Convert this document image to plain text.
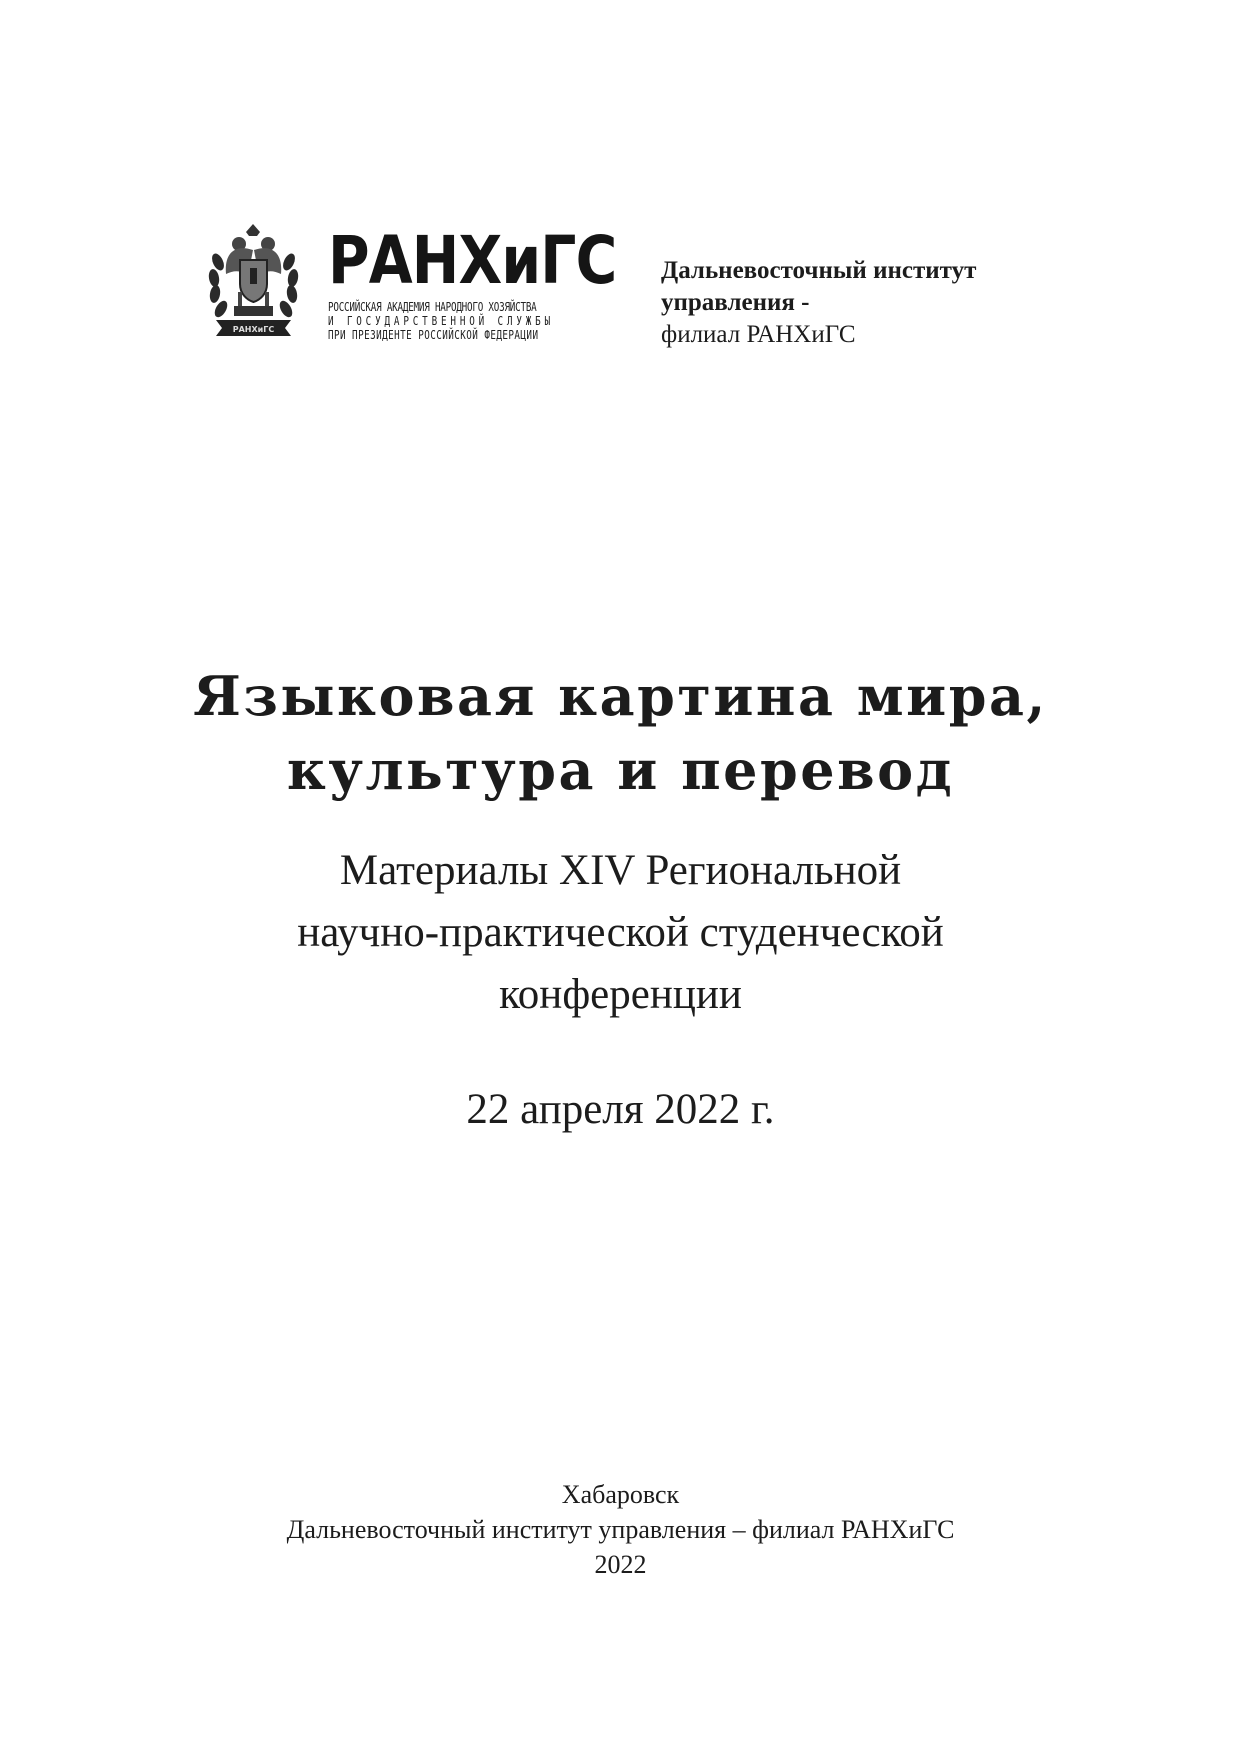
РАНХиГС
РАНХиГС
РОССИЙСКАЯ АКАДЕМИЯ НАРОДНОГО ХОЗЯЙСТВА
И ГОСУДАРСТВЕННОЙ СЛУЖБЫ
ПРИ ПРЕЗИДЕНТЕ РОССИЙСКОЙ ФЕДЕРАЦИИ
Дальневосточный институт
управления -
филиал РАНХиГС
Языковая картина мира,
культура и перевод
Материалы XIV Региональной
научно-практической студенческой
конференции
22 апреля 2022 г.
Хабаровск
Дальневосточный институт управления – филиал РАНХиГС
2022
